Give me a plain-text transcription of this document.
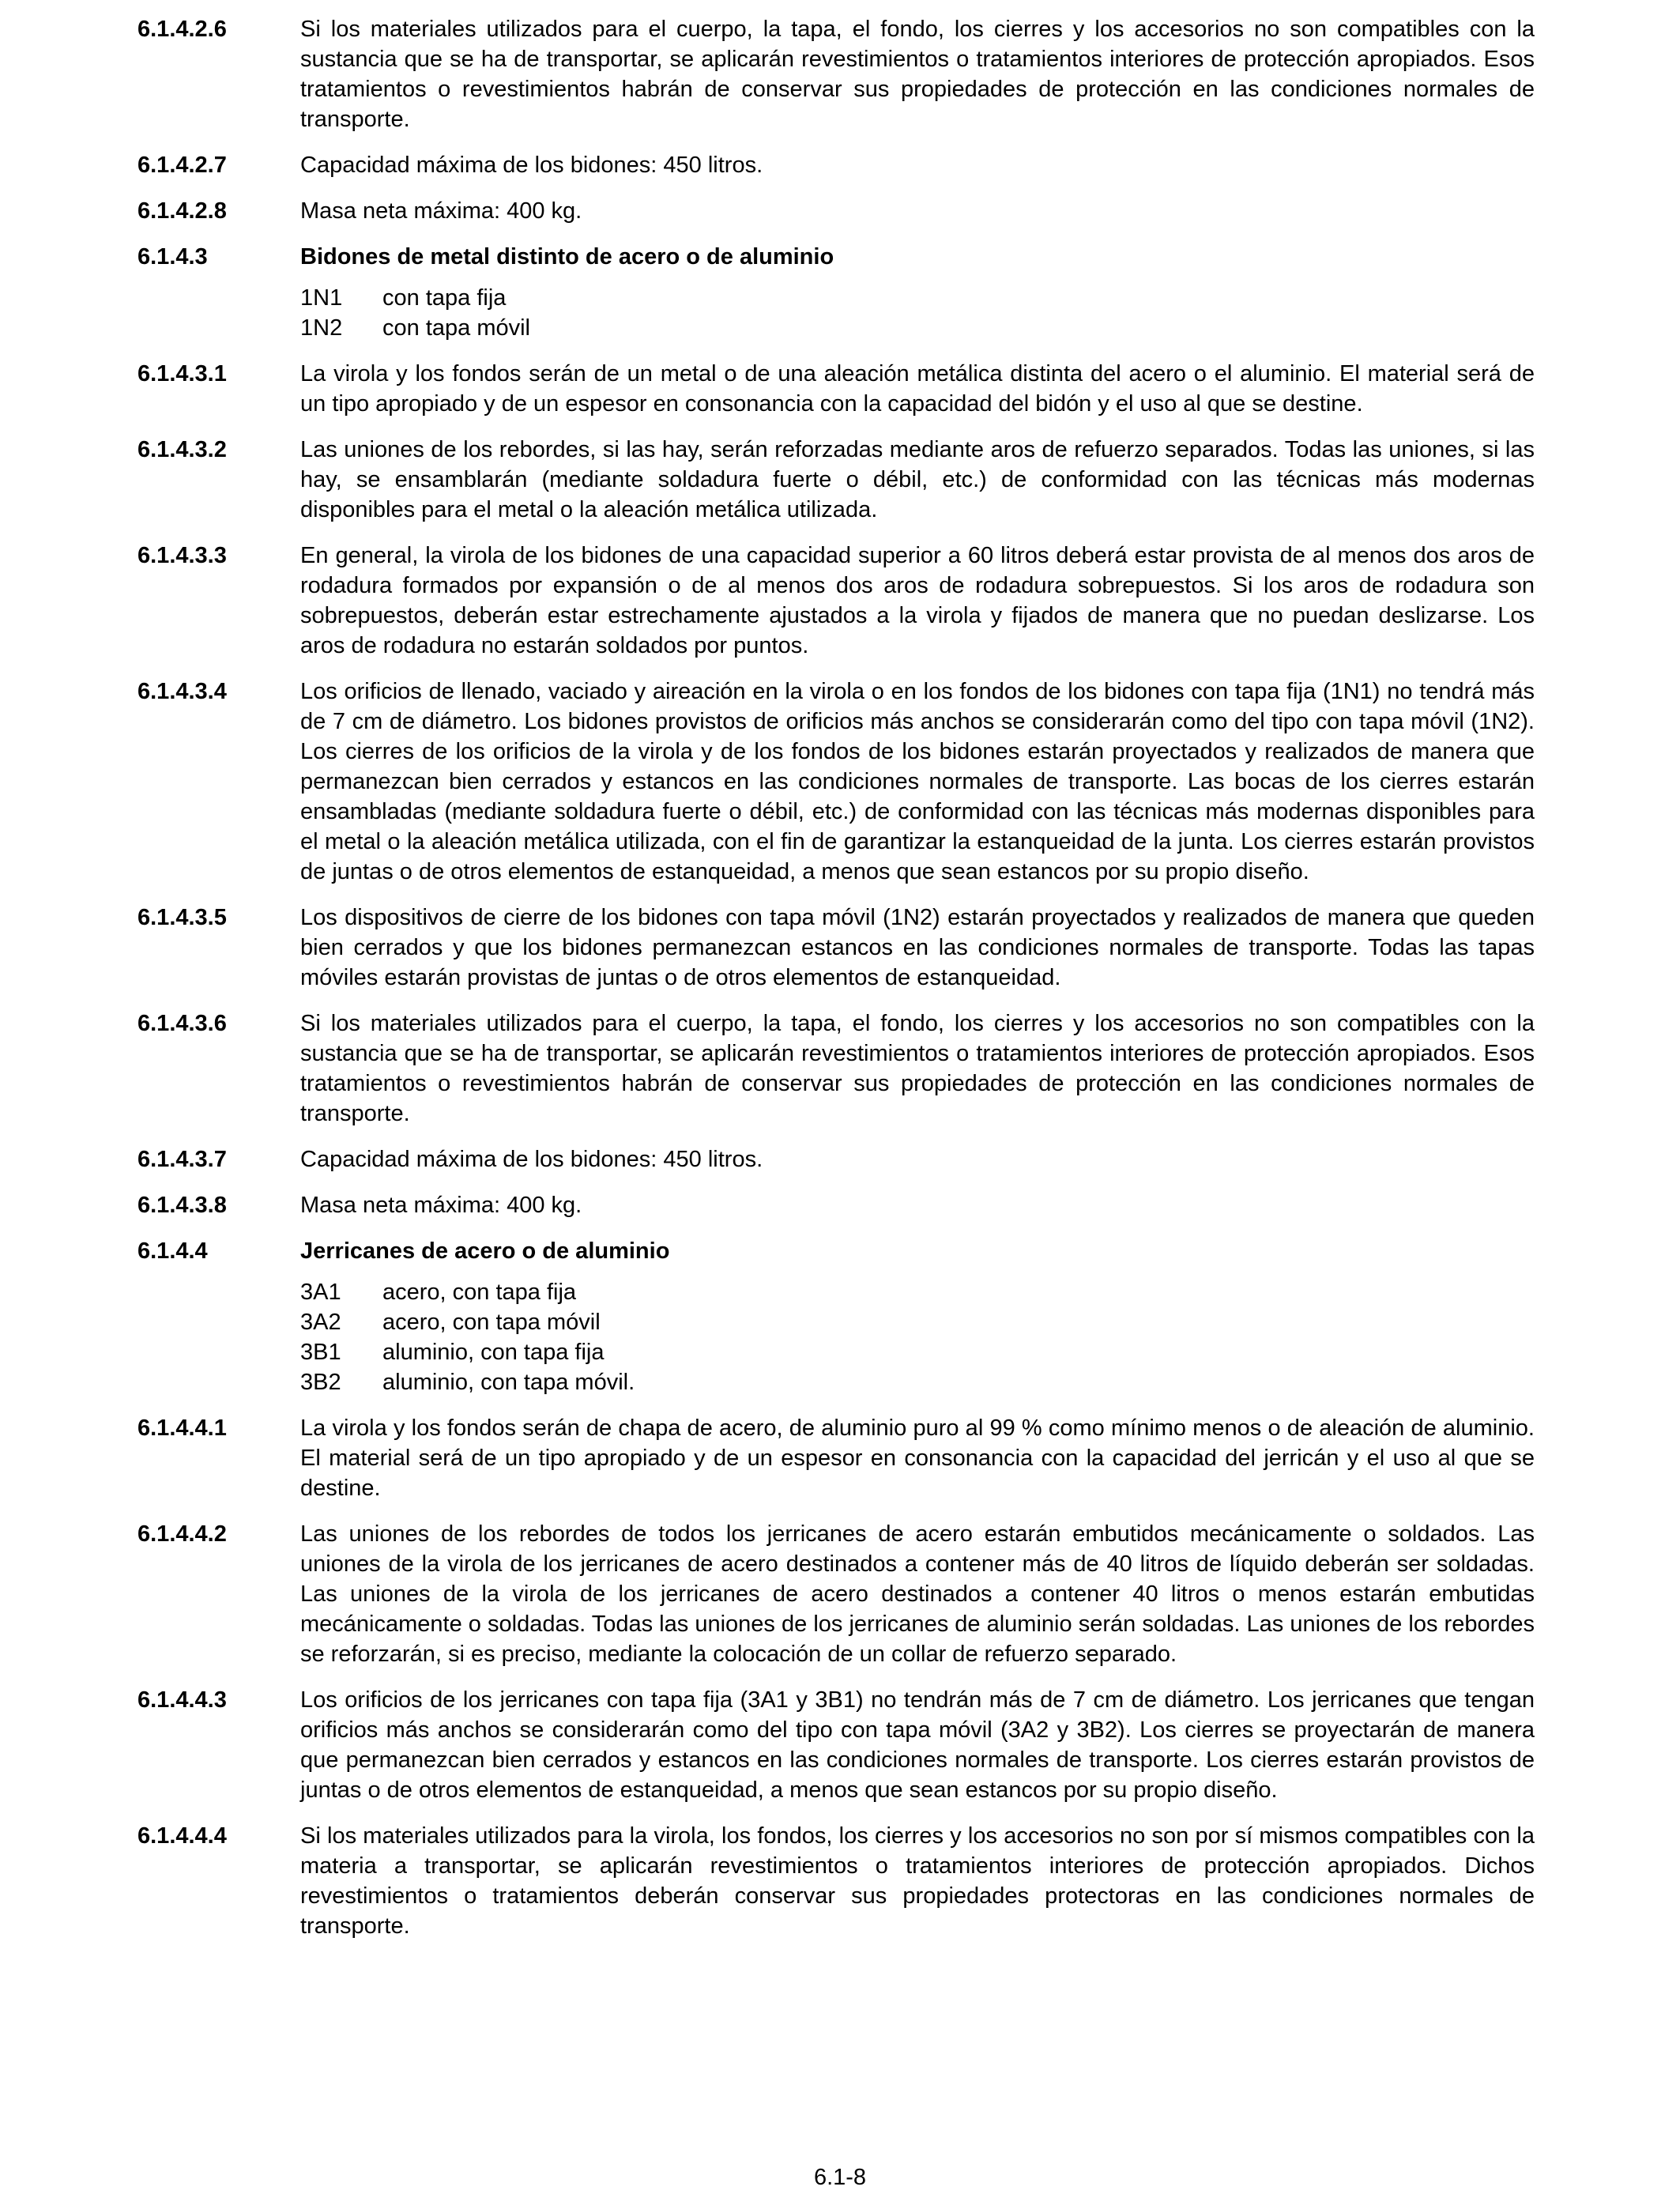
6.1.4.2.6	Si los materiales utilizados para el cuerpo, la tapa, el fondo, los cierres y los accesorios no son compatibles con la sustancia que se ha de transportar, se aplicarán revestimientos o tratamientos interiores de protección apropiados. Esos tratamientos o revestimientos habrán de conservar sus propiedades de protección en las condiciones normales de transporte.
6.1.4.2.7	Capacidad máxima de los bidones: 450 litros.
6.1.4.2.8	Masa neta máxima: 400 kg.
6.1.4.3	Bidones de metal distinto de acero o de aluminio
1N1	con tapa fija
1N2	con tapa móvil
6.1.4.3.1	La virola y los fondos serán de un metal o de una aleación metálica distinta del acero o el aluminio. El material será de un tipo apropiado y de un espesor en consonancia con la capacidad del bidón y el uso al que se destine.
6.1.4.3.2	Las uniones de los rebordes, si las hay, serán reforzadas mediante aros de refuerzo separados. Todas las uniones, si las hay, se ensamblarán (mediante soldadura fuerte o débil, etc.) de conformidad con las técnicas más modernas disponibles para el metal o la aleación metálica utilizada.
6.1.4.3.3	En general, la virola de los bidones de una capacidad superior a 60 litros deberá estar provista de al menos dos aros de rodadura formados por expansión o de al menos dos aros de rodadura sobrepuestos. Si los aros de rodadura son sobrepuestos, deberán estar estrechamente ajustados a la virola y fijados de manera que no puedan deslizarse. Los aros de rodadura no estarán soldados por puntos.
6.1.4.3.4	Los orificios de llenado, vaciado y aireación en la virola o en los fondos de los bidones con tapa fija (1N1) no tendrá más de 7 cm de diámetro. Los bidones provistos de orificios más anchos se considerarán como del tipo con tapa móvil (1N2). Los cierres de los orificios de la virola y de los fondos de los bidones estarán proyectados y realizados de manera que permanezcan bien cerrados y estancos en las condiciones normales de transporte. Las bocas de los cierres estarán ensambladas (mediante soldadura fuerte o débil, etc.) de conformidad con las técnicas más modernas disponibles para el metal o la aleación metálica utilizada, con el fin de garantizar la estanqueidad de la junta. Los cierres estarán provistos de juntas o de otros elementos de estanqueidad, a menos que sean estancos por su propio diseño.
6.1.4.3.5	Los dispositivos de cierre de los bidones con tapa móvil (1N2) estarán proyectados y realizados de manera que queden bien cerrados y que los bidones permanezcan estancos en las condiciones normales de transporte. Todas las tapas móviles estarán provistas de juntas o de otros elementos de estanqueidad.
6.1.4.3.6	Si los materiales utilizados para el cuerpo, la tapa, el fondo, los cierres y los accesorios no son compatibles con la sustancia que se ha de transportar, se aplicarán revestimientos o tratamientos interiores de protección apropiados. Esos tratamientos o revestimientos habrán de conservar sus propiedades de protección en las condiciones normales de transporte.
6.1.4.3.7	Capacidad máxima de los bidones: 450 litros.
6.1.4.3.8	Masa neta máxima: 400 kg.
6.1.4.4	Jerricanes de acero o de aluminio
3A1	acero, con tapa fija
3A2	acero, con tapa móvil
3B1	aluminio, con tapa fija
3B2	aluminio, con tapa móvil.
6.1.4.4.1	La virola y los fondos serán de chapa de acero, de aluminio puro al 99 % como mínimo menos o de aleación de aluminio. El material será de un tipo apropiado y de un espesor en consonancia con la capacidad del jerricán y el uso al que se destine.
6.1.4.4.2	Las uniones de los rebordes de todos los jerricanes de acero estarán embutidos mecánicamente o soldados. Las uniones de la virola de los jerricanes de acero destinados a contener más de 40 litros de líquido deberán ser soldadas. Las uniones de la virola de los jerricanes de acero destinados a contener 40 litros o menos estarán embutidas mecánicamente o soldadas. Todas las uniones de los jerricanes de aluminio serán soldadas. Las uniones de los rebordes se reforzarán, si es preciso, mediante la colocación de un collar de refuerzo separado.
6.1.4.4.3	Los orificios de los jerricanes con tapa fija (3A1 y 3B1) no tendrán más de 7 cm de diámetro. Los jerricanes que tengan orificios más anchos se considerarán como del tipo con tapa móvil (3A2 y 3B2). Los cierres se proyectarán de manera que permanezcan bien cerrados y estancos en las condiciones normales de transporte. Los cierres estarán provistos de juntas o de otros elementos de estanqueidad, a menos que sean estancos por su propio diseño.
6.1.4.4.4	Si los materiales utilizados para la virola, los fondos, los cierres y los accesorios no son por sí mismos compatibles con la materia a transportar, se aplicarán revestimientos o tratamientos interiores de protección apropiados. Dichos revestimientos o tratamientos deberán conservar sus propiedades protectoras en las condiciones normales de transporte.
6.1-8
